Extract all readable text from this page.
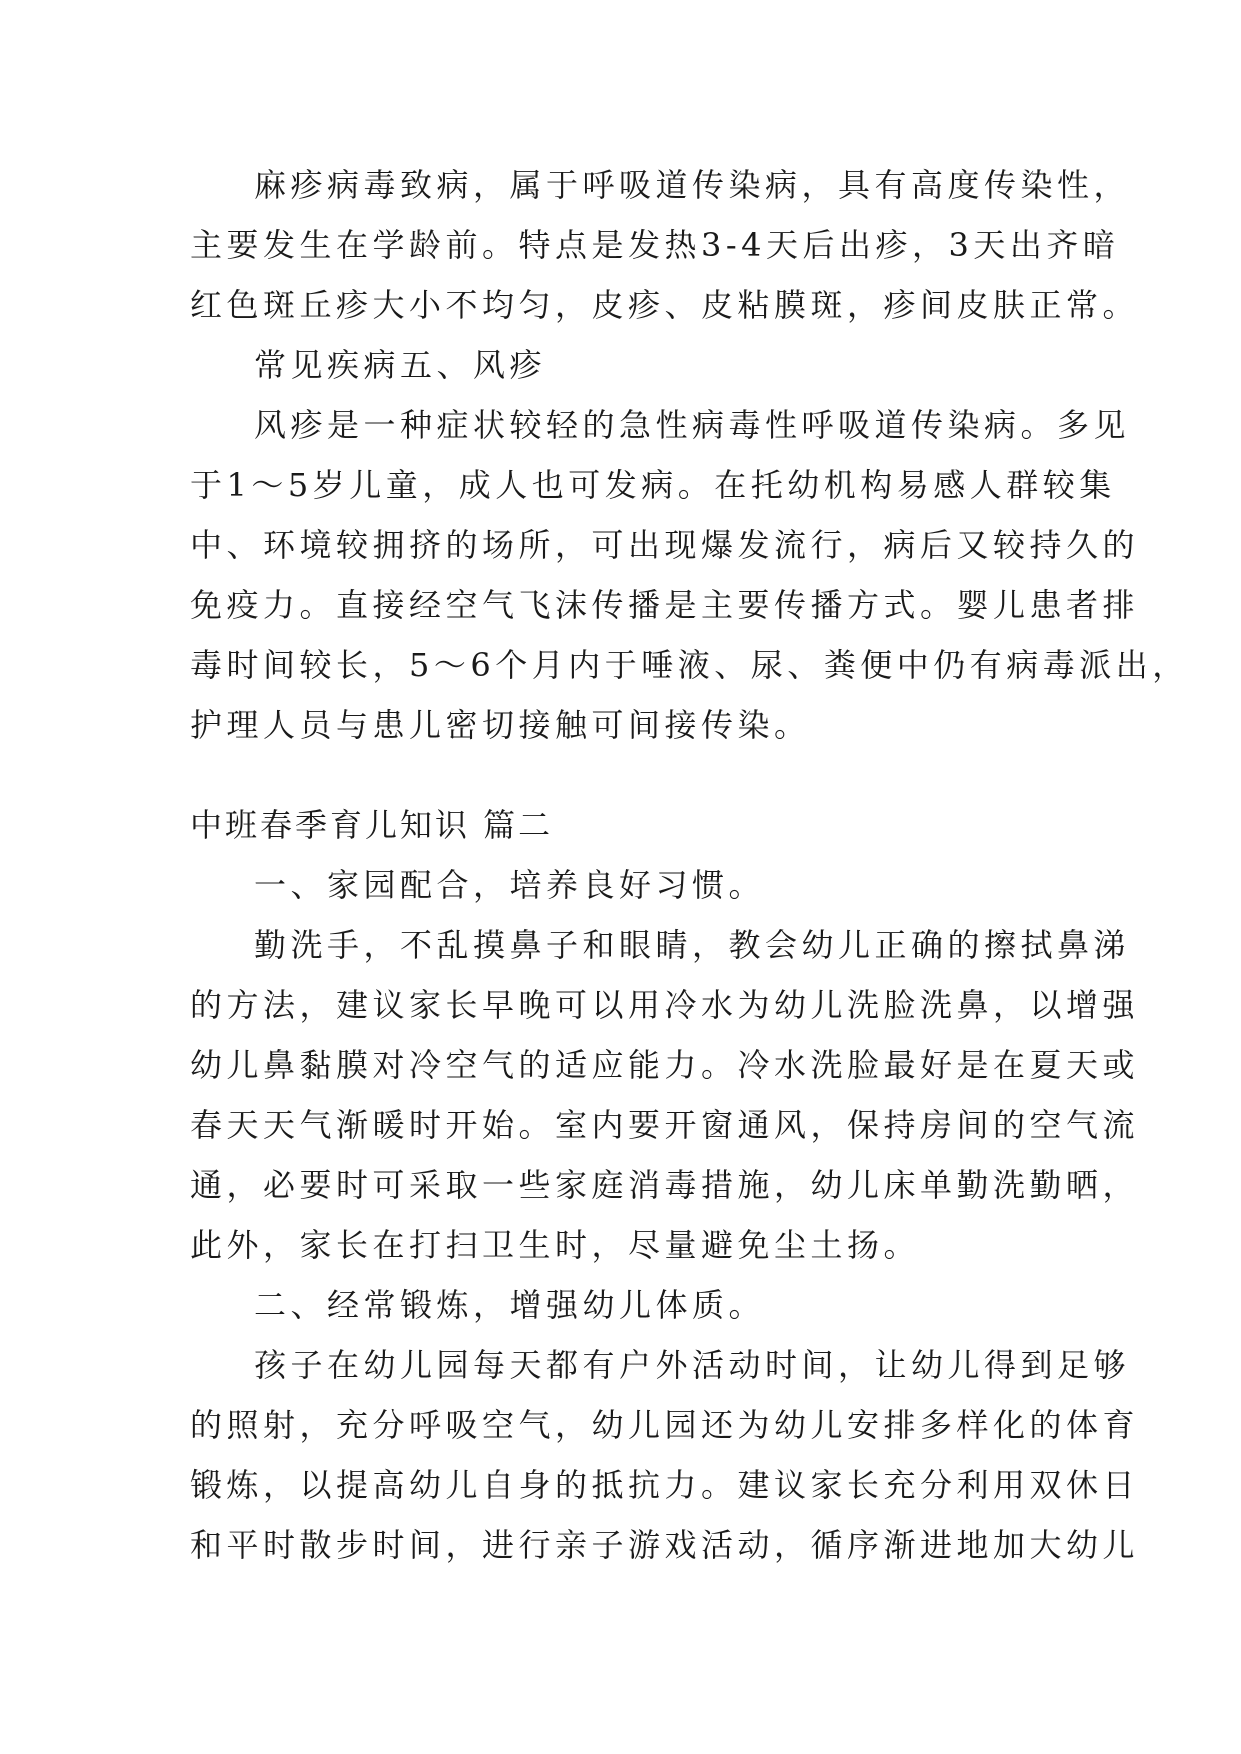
麻疹病毒致病，属于呼吸道传染病，具有高度传染性，
主要发生在学龄前。特点是发热3-4天后出疹，3天出齐暗
红色斑丘疹大小不均匀，皮疹、皮粘膜斑，疹间皮肤正常。
常见疾病五、风疹
风疹是一种症状较轻的急性病毒性呼吸道传染病。多见
于1～5岁儿童，成人也可发病。在托幼机构易感人群较集
中、环境较拥挤的场所，可出现爆发流行，病后又较持久的
免疫力。直接经空气飞沫传播是主要传播方式。婴儿患者排
毒时间较长，5～6个月内于唾液、尿、粪便中仍有病毒派出，
护理人员与患儿密切接触可间接传染。
中班春季育儿知识 篇二
一、家园配合，培养良好习惯。
勤洗手，不乱摸鼻子和眼睛，教会幼儿正确的擦拭鼻涕
的方法，建议家长早晚可以用冷水为幼儿洗脸洗鼻，以增强
幼儿鼻黏膜对冷空气的适应能力。冷水洗脸最好是在夏天或
春天天气渐暖时开始。室内要开窗通风，保持房间的空气流
通，必要时可采取一些家庭消毒措施，幼儿床单勤洗勤晒，
此外，家长在打扫卫生时，尽量避免尘土扬。
二、经常锻炼，增强幼儿体质。
孩子在幼儿园每天都有户外活动时间，让幼儿得到足够
的照射，充分呼吸空气，幼儿园还为幼儿安排多样化的体育
锻炼，以提高幼儿自身的抵抗力。建议家长充分利用双休日
和平时散步时间，进行亲子游戏活动，循序渐进地加大幼儿
